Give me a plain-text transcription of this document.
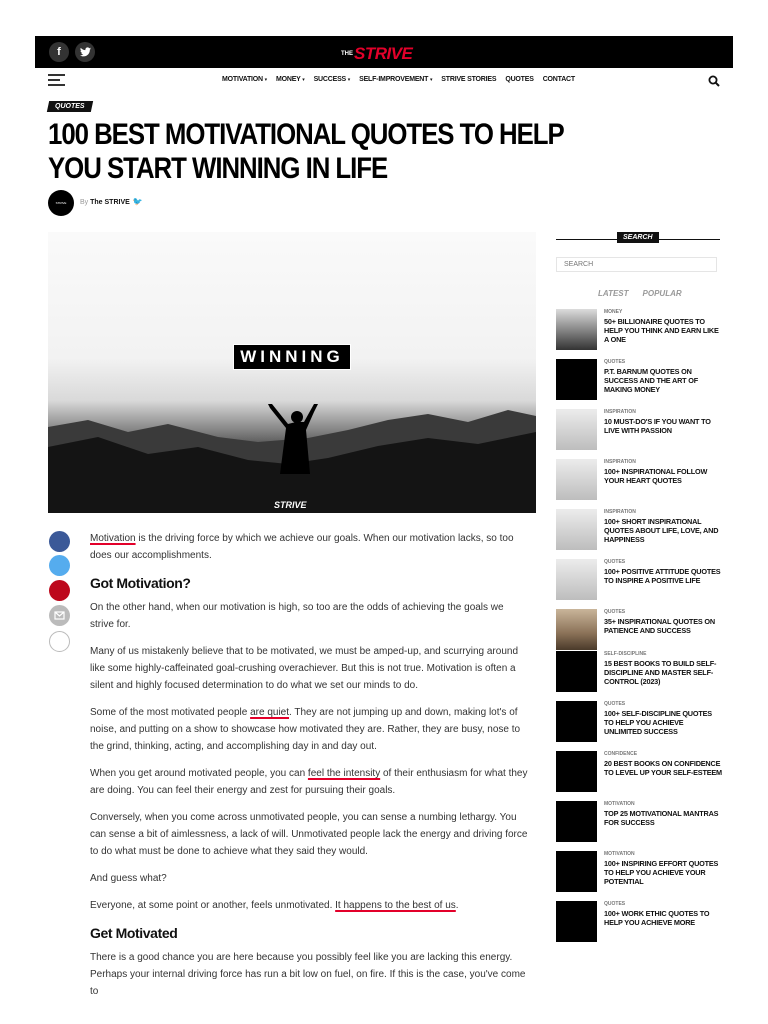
f	THE STRIVE
MOTIVATION ▾ MONEY ▾ SUCCESS ▾ SELF-IMPROVEMENT ▾ STRIVE STORIES QUOTES CONTACT
QUOTES
100 BEST MOTIVATIONAL QUOTES TO HELP YOU START WINNING IN LIFE
STRIVE	By The STRIVE 🐦
WINNING
STRIVE

Motivation is the driving force by which we achieve our goals. When our motivation lacks, so too does our accomplishments.

Got Motivation?

On the other hand, when our motivation is high, so too are the odds of achieving the goals we strive for.

Many of us mistakenly believe that to be motivated, we must be amped-up, and scurrying around like some highly-caffeinated goal-crushing overachiever. But this is not true. Motivation is often a silent and highly focused determination to do what we set our minds to do.

Some of the most motivated people are quiet. They are not jumping up and down, making lot's of noise, and putting on a show to showcase how motivated they are. Rather, they are busy, nose to the grind, thinking, acting, and accomplishing day in and day out.

When you get around motivated people, you can feel the intensity of their enthusiasm for what they are doing. You can feel their energy and zest for pursuing their goals.

Conversely, when you come across unmotivated people, you can sense a numbing lethargy. You can sense a bit of aimlessness, a lack of will. Unmotivated people lack the energy and driving force to do what must be done to achieve what they said they would.

And guess what?

Everyone, at some point or another, feels unmotivated. It happens to the best of us.

Get Motivated

There is a good chance you are here because you possibly feel like you are lacking this energy. Perhaps your internal driving force has run a bit low on fuel, on fire. If this is the case, you've come to

SEARCH
SEARCH
LATEST POPULAR
MONEY
50+ BILLIONAIRE QUOTES TO HELP YOU THINK AND EARN LIKE A ONE
QUOTES
P.T. BARNUM QUOTES ON SUCCESS AND THE ART OF MAKING MONEY
INSPIRATION
10 MUST-DO'S IF YOU WANT TO LIVE WITH PASSION
INSPIRATION
100+ INSPIRATIONAL FOLLOW YOUR HEART QUOTES
INSPIRATION
100+ SHORT INSPIRATIONAL QUOTES ABOUT LIFE, LOVE, AND HAPPINESS
QUOTES
100+ POSITIVE ATTITUDE QUOTES TO INSPIRE A POSITIVE LIFE
QUOTES
35+ INSPIRATIONAL QUOTES ON PATIENCE AND SUCCESS
SELF-DISCIPLINE
15 BEST BOOKS TO BUILD SELF-DISCIPLINE AND MASTER SELF-CONTROL (2023)
QUOTES
100+ SELF-DISCIPLINE QUOTES TO HELP YOU ACHIEVE UNLIMITED SUCCESS
CONFIDENCE
20 BEST BOOKS ON CONFIDENCE TO LEVEL UP YOUR SELF-ESTEEM
MOTIVATION
TOP 25 MOTIVATIONAL MANTRAS FOR SUCCESS
MOTIVATION
100+ INSPIRING EFFORT QUOTES TO HELP YOU ACHIEVE YOUR POTENTIAL
QUOTES
100+ WORK ETHIC QUOTES TO HELP YOU ACHIEVE MORE
